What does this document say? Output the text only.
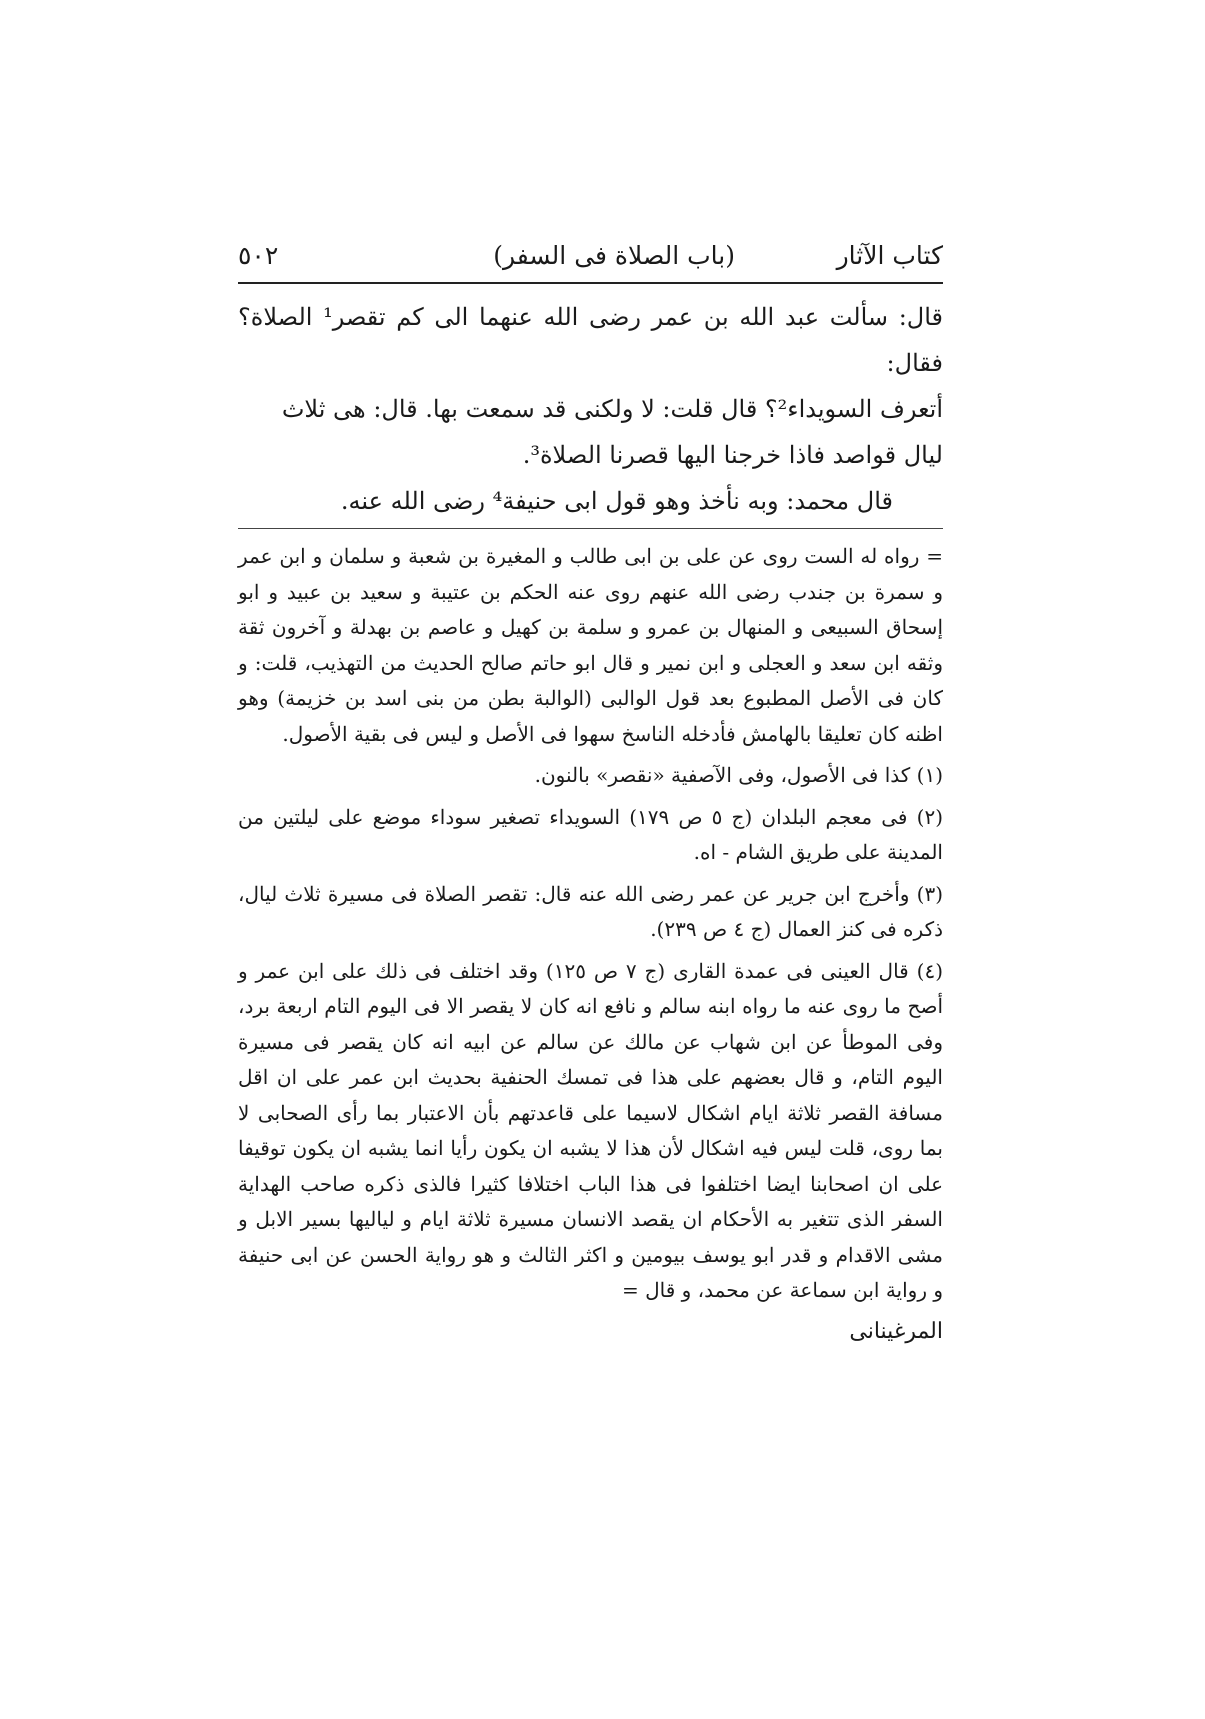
كتاب الآثار
(باب الصلاة فى السفر)
٥٠٢

قال: سألت عبد الله بن عمر رضى الله عنهما الى كم تقصر¹ الصلاة؟ فقال:

أتعرف السويداء²؟ قال قلت: لا ولكنى قد سمعت بها. قال: هى ثلاث

ليال قواصد فاذا خرجنا اليها قصرنا الصلاة³.

قال محمد: وبه نأخذ وهو قول ابى حنيفة⁴ رضى الله عنه.

= رواه له الست روى عن على بن ابى طالب و المغيرة بن شعبة و سلمان و ابن عمر و سمرة بن جندب رضى الله عنهم روى عنه الحكم بن عتيبة و سعيد بن عبيد و ابو إسحاق السبيعى و المنهال بن عمرو و سلمة بن كهيل و عاصم بن بهدلة و آخرون ثقة وثقه ابن سعد و العجلى و ابن نمير و قال ابو حاتم صالح الحديث من التهذيب، قلت: و كان فى الأصل المطبوع بعد قول الوالبى (الوالبة بطن من بنى اسد بن خزيمة) وهو اظنه كان تعليقا بالهامش فأدخله الناسخ سهوا فى الأصل و ليس فى بقية الأصول.

(١) كذا فى الأصول، وفى الآصفية «نقصر» بالنون.

(٢) فى معجم البلدان (ج ٥ ص ١٧٩) السويداء تصغير سوداء موضع على ليلتين من المدينة على طريق الشام - اه.

(٣) وأخرج ابن جرير عن عمر رضى الله عنه قال: تقصر الصلاة فى مسيرة ثلاث ليال، ذكره فى كنز العمال (ج ٤ ص ٢٣٩).

(٤) قال العينى فى عمدة القارى (ج ٧ ص ١٢٥) وقد اختلف فى ذلك على ابن عمر و أصح ما روى عنه ما رواه ابنه سالم و نافع انه كان لا يقصر الا فى اليوم التام اربعة برد، وفى الموطأ عن ابن شهاب عن مالك عن سالم عن ابيه انه كان يقصر فى مسيرة اليوم التام، و قال بعضهم على هذا فى تمسك الحنفية بحديث ابن عمر على ان اقل مسافة القصر ثلاثة ايام اشكال لاسيما على قاعدتهم بأن الاعتبار بما رأى الصحابى لا بما روى، قلت ليس فيه اشكال لأن هذا لا يشبه ان يكون رأيا انما يشبه ان يكون توقيفا على ان اصحابنا ايضا اختلفوا فى هذا الباب اختلافا كثيرا فالذى ذكره صاحب الهداية السفر الذى تتغير به الأحكام ان يقصد الانسان مسيرة ثلاثة ايام و لياليها بسير الابل و مشى الاقدام و قدر ابو يوسف بيومين و اكثر الثالث و هو رواية الحسن عن ابى حنيفة و رواية ابن سماعة عن محمد، و قال =

المرغينانى
